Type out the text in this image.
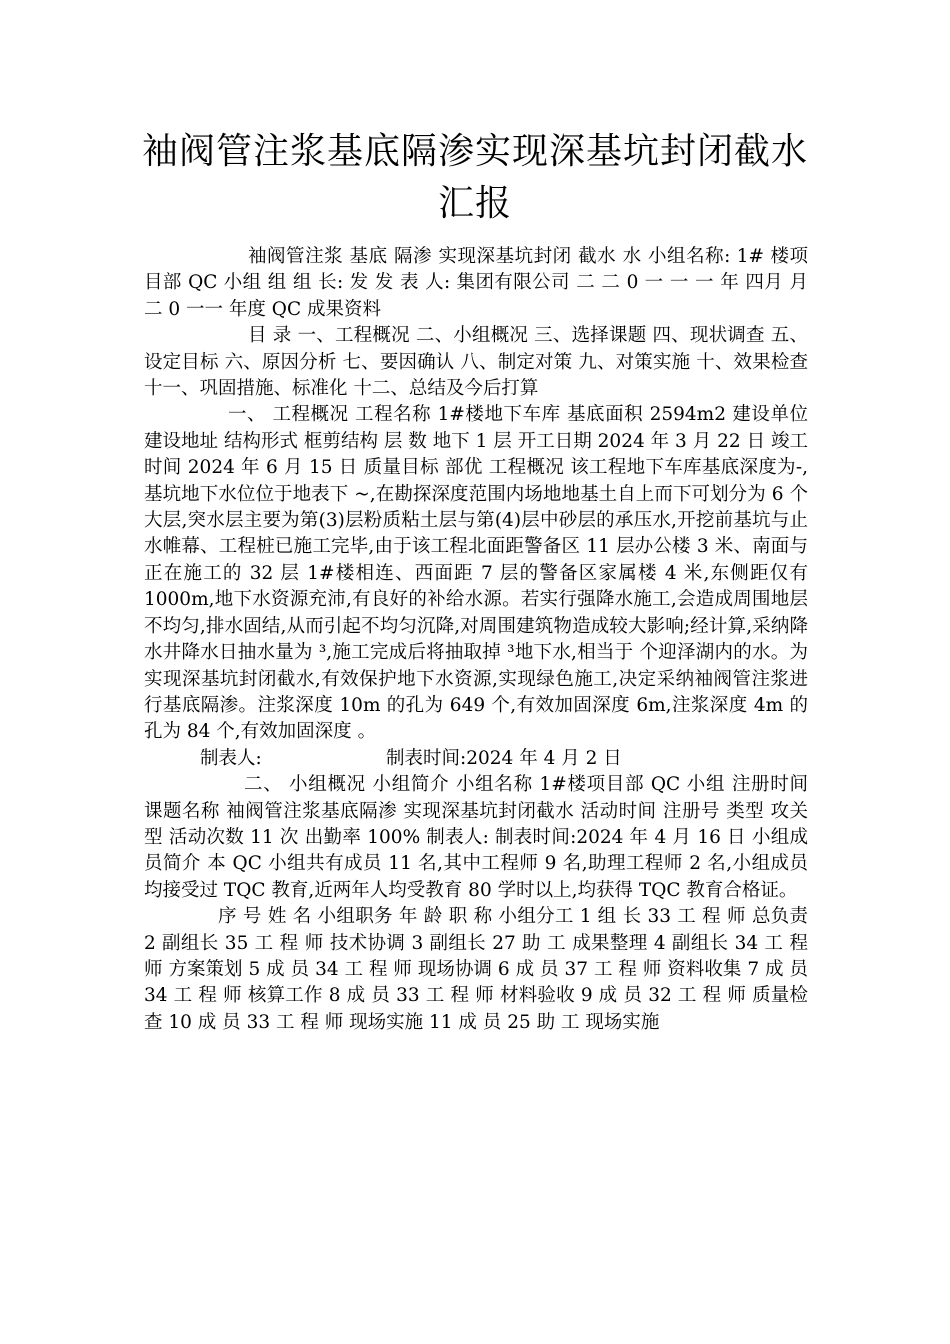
袖阀管注浆基底隔渗实现深基坑封闭截水
汇报

袖阀管注浆 基底 隔渗 实现深基坑封闭 截水 水 小组名称: 1# 楼项目部 QC 小组 组 组 长: 发 发 表 人: 集团有限公司 二 二 0 一 一 一 年 四月 月 二 0 一一 年度 QC 成果资料

目 录 一、工程概况 二、小组概况 三、选择课题 四、现状调查 五、设定目标 六、原因分析 七、要因确认 八、制定对策 九、对策实施 十、效果检查 十一、巩固措施、标准化 十二、总结及今后打算

一、 工程概况 工程名称 1#楼地下车库 基底面积 2594m2 建设单位 建设地址 结构形式 框剪结构 层 数 地下 1 层 开工日期 2024 年 3 月 22 日 竣工时间 2024 年 6 月 15 日 质量目标 部优 工程概况 该工程地下车库基底深度为-,基坑地下水位位于地表下 ~,在勘探深度范围内场地地基土自上而下可划分为 6 个大层,突水层主要为第(3)层粉质粘土层与第(4)层中砂层的承压水,开挖前基坑与止水帷幕、工程桩已施工完毕,由于该工程北面距警备区 11 层办公楼 3 米、南面与正在施工的 32 层 1#楼相连、西面距 7 层的警备区家属楼 4 米,东侧距仅有 1000m,地下水资源充沛,有良好的补给水源。若实行强降水施工,会造成周围地层不均匀,排水固结,从而引起不均匀沉降,对周围建筑物造成较大影响;经计算,采纳降水井降水日抽水量为 ³,施工完成后将抽取掉 ³地下水,相当于 个迎泽湖内的水。为实现深基坑封闭截水,有效保护地下水资源,实现绿色施工,决定采纳袖阀管注浆进行基底隔渗。注浆深度 10m 的孔为 649 个,有效加固深度 6m,注浆深度 4m 的孔为 84 个,有效加固深度 。

制表人:	制表时间:2024 年 4 月 2 日

二、 小组概况 小组简介 小组名称 1#楼项目部 QC 小组 注册时间 课题名称 袖阀管注浆基底隔渗 实现深基坑封闭截水 活动时间 注册号 类型 攻关型 活动次数 11 次 出勤率 100% 制表人: 制表时间:2024 年 4 月 16 日 小组成员简介 本 QC 小组共有成员 11 名,其中工程师 9 名,助理工程师 2 名,小组成员均接受过 TQC 教育,近两年人均受教育 80 学时以上,均获得 TQC 教育合格证。

序 号 姓 名 小组职务 年 龄 职 称 小组分工 1 组 长 33 工 程 师 总负责 2 副组长 35 工 程 师 技术协调 3 副组长 27 助 工 成果整理 4 副组长 34 工 程 师 方案策划 5 成 员 34 工 程 师 现场协调 6 成 员 37 工 程 师 资料收集 7 成 员 34 工 程 师 核算工作 8 成 员 33 工 程 师 材料验收 9 成 员 32 工 程 师 质量检查 10 成 员 33 工 程 师 现场实施 11 成 员 25 助 工 现场实施
